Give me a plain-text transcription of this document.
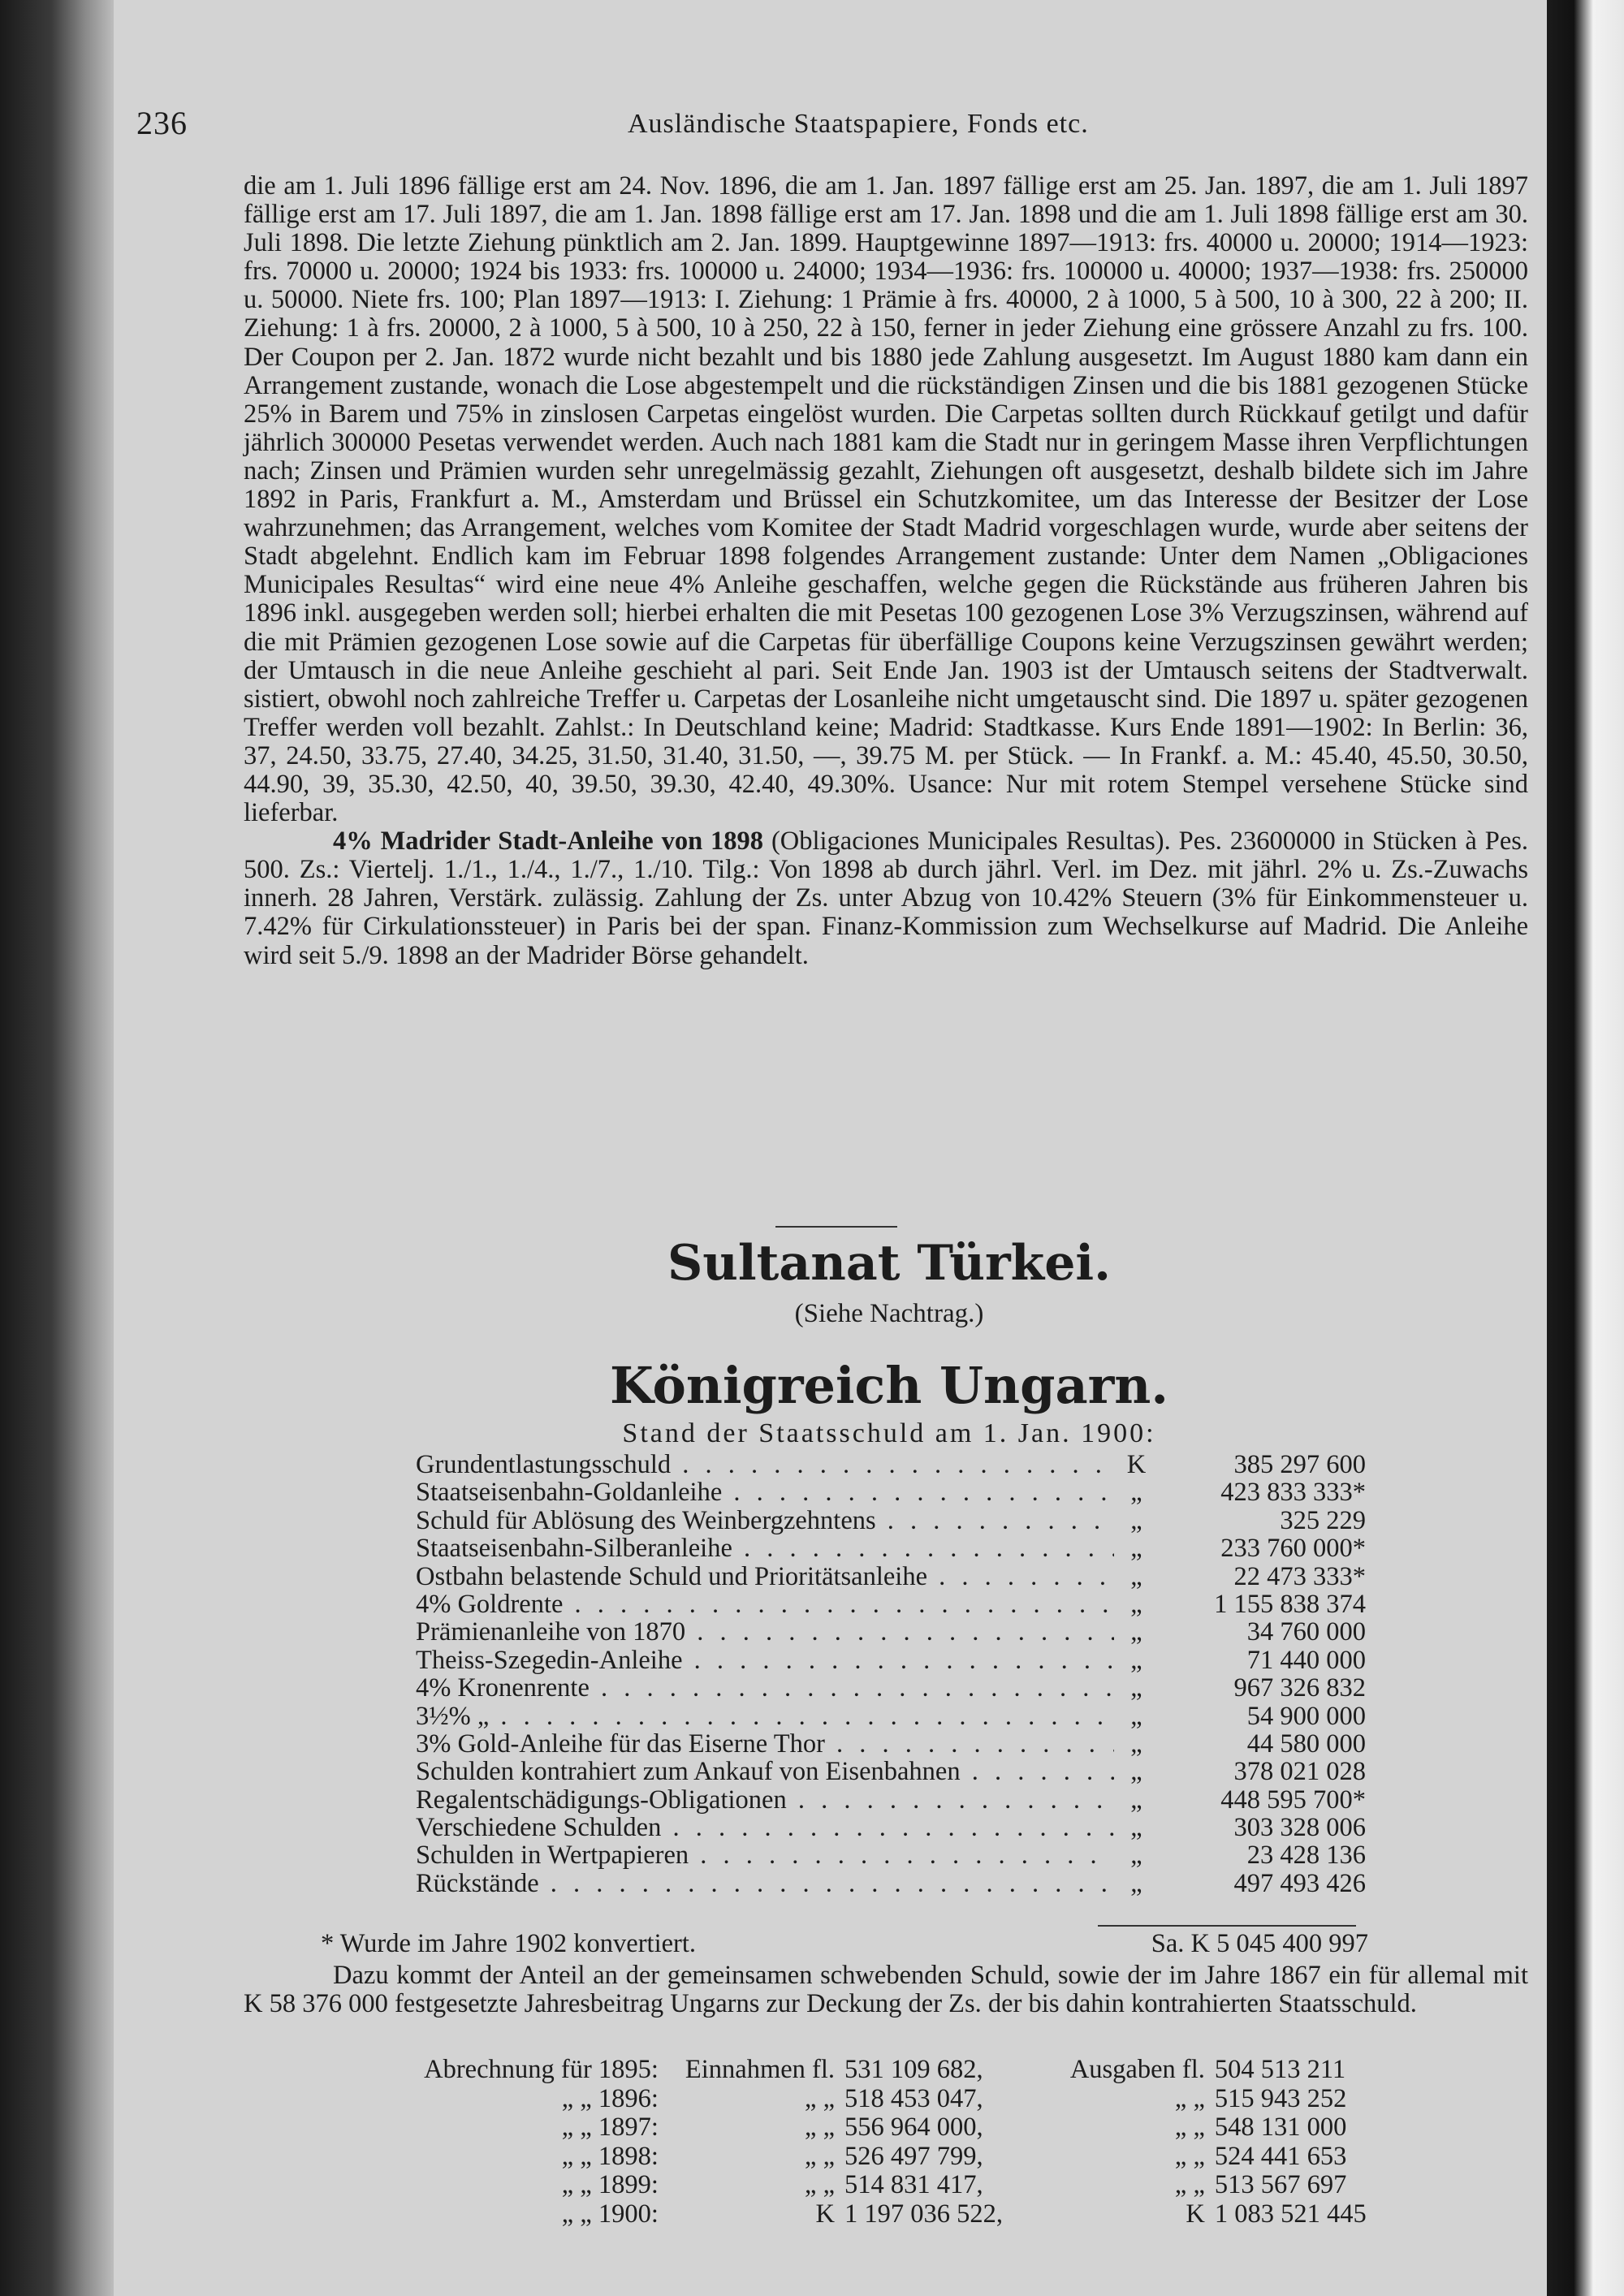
236	Ausländische Staatspapiere, Fonds etc.

die am 1. Juli 1896 fällige erst am 24. Nov. 1896, die am 1. Jan. 1897 fällige erst am 25. Jan. 1897, die am 1. Juli 1897 fällige erst am 17. Juli 1897, die am 1. Jan. 1898 fällige erst am 17. Jan. 1898 und die am 1. Juli 1898 fällige erst am 30. Juli 1898. Die letzte Ziehung pünktlich am 2. Jan. 1899. Hauptgewinne 1897—1913: frs. 40000 u. 20000; 1914—1923: frs. 70000 u. 20000; 1924 bis 1933: frs. 100000 u. 24000; 1934—1936: frs. 100000 u. 40000; 1937—1938: frs. 250000 u. 50000. Niete frs. 100; Plan 1897—1913: I. Ziehung: 1 Prämie à frs. 40000, 2 à 1000, 5 à 500, 10 à 300, 22 à 200; II. Ziehung: 1 à frs. 20000, 2 à 1000, 5 à 500, 10 à 250, 22 à 150, ferner in jeder Ziehung eine grössere Anzahl zu frs. 100. Der Coupon per 2. Jan. 1872 wurde nicht bezahlt und bis 1880 jede Zahlung ausgesetzt. Im August 1880 kam dann ein Arrangement zustande, wonach die Lose abgestempelt und die rückständigen Zinsen und die bis 1881 gezogenen Stücke 25% in Barem und 75% in zinslosen Carpetas eingelöst wurden. Die Carpetas sollten durch Rückkauf getilgt und dafür jährlich 300000 Pesetas verwendet werden. Auch nach 1881 kam die Stadt nur in geringem Masse ihren Verpflichtungen nach; Zinsen und Prämien wurden sehr unregelmässig gezahlt, Ziehungen oft ausgesetzt, deshalb bildete sich im Jahre 1892 in Paris, Frankfurt a. M., Amsterdam und Brüssel ein Schutzkomitee, um das Interesse der Besitzer der Lose wahrzunehmen; das Arrangement, welches vom Komitee der Stadt Madrid vorgeschlagen wurde, wurde aber seitens der Stadt abgelehnt. Endlich kam im Februar 1898 folgendes Arrangement zustande: Unter dem Namen „Obligaciones Municipales Resultas“ wird eine neue 4% Anleihe geschaffen, welche gegen die Rückstände aus früheren Jahren bis 1896 inkl. ausgegeben werden soll; hierbei erhalten die mit Pesetas 100 gezogenen Lose 3% Verzugszinsen, während auf die mit Prämien gezogenen Lose sowie auf die Carpetas für überfällige Coupons keine Verzugszinsen gewährt werden; der Umtausch in die neue Anleihe geschieht al pari. Seit Ende Jan. 1903 ist der Umtausch seitens der Stadtverwalt. sistiert, obwohl noch zahlreiche Treffer u. Carpetas der Losanleihe nicht umgetauscht sind. Die 1897 u. später gezogenen Treffer werden voll bezahlt. Zahlst.: In Deutschland keine; Madrid: Stadtkasse. Kurs Ende 1891—1902: In Berlin: 36, 37, 24.50, 33.75, 27.40, 34.25, 31.50, 31.40, 31.50, —, 39.75 M. per Stück. — In Frankf. a. M.: 45.40, 45.50, 30.50, 44.90, 39, 35.30, 42.50, 40, 39.50, 39.30, 42.40, 49.30%. Usance: Nur mit rotem Stempel versehene Stücke sind lieferbar.

4% Madrider Stadt-Anleihe von 1898 (Obligaciones Municipales Resultas). Pes. 23600000 in Stücken à Pes. 500. Zs.: Viertelj. 1./1., 1./4., 1./7., 1./10. Tilg.: Von 1898 ab durch jährl. Verl. im Dez. mit jährl. 2% u. Zs.-Zuwachs innerh. 28 Jahren, Verstärk. zulässig. Zahlung der Zs. unter Abzug von 10.42% Steuern (3% für Einkommensteuer u. 7.42% für Cirkulationssteuer) in Paris bei der span. Finanz-Kommission zum Wechselkurse auf Madrid. Die Anleihe wird seit 5./9. 1898 an der Madrider Börse gehandelt.

Sultanat Türkei.
(Siehe Nachtrag.)
Königreich Ungarn.
Stand der Staatsschuld am 1. Jan. 1900:
Grundentlastungsschuld . . .	K	385 297 600
Staatseisenbahn-Goldanleihe . . .	„	423 833 333*
Schuld für Ablösung des Weinbergzehntens . . .	„	325 229
Staatseisenbahn-Silberanleihe . . .	„	233 760 000*
Ostbahn belastende Schuld und Prioritätsanleihe . . .	„	22 473 333*
4% Goldrente . . .	„	1 155 838 374
Prämienanleihe von 1870 . . .	„	34 760 000
Theiss-Szegedin-Anleihe . . .	„	71 440 000
4% Kronenrente . . .	„	967 326 832
3½% „ . . .	„	54 900 000
3% Gold-Anleihe für das Eiserne Thor . . .	„	44 580 000
Schulden kontrahiert zum Ankauf von Eisenbahnen . . .	„	378 021 028
Regalentschädigungs-Obligationen . . .	„	448 595 700*
Verschiedene Schulden . . .	„	303 328 006
Schulden in Wertpapieren . . .	„	23 428 136
Rückstände . . .	„	497 493 426
* Wurde im Jahre 1902 konvertiert.	Sa. K 5 045 400 997

Dazu kommt der Anteil an der gemeinsamen schwebenden Schuld, sowie der im Jahre 1867 ein für allemal mit K 58 376 000 festgesetzte Jahresbeitrag Ungarns zur Deckung der Zs. der bis dahin kontrahierten Staatsschuld.

Abrechnung für 1895:	Einnahmen fl. 531 109 682,	Ausgaben fl. 504 513 211
„ „ 1896:	„ „ 518 453 047,	„ „ 515 943 252
„ „ 1897:	„ „ 556 964 000,	„ „ 548 131 000
„ „ 1898:	„ „ 526 497 799,	„ „ 524 441 653
„ „ 1899:	„ „ 514 831 417,	„ „ 513 567 697
„ „ 1900:	K 1 197 036 522,	K 1 083 521 445
